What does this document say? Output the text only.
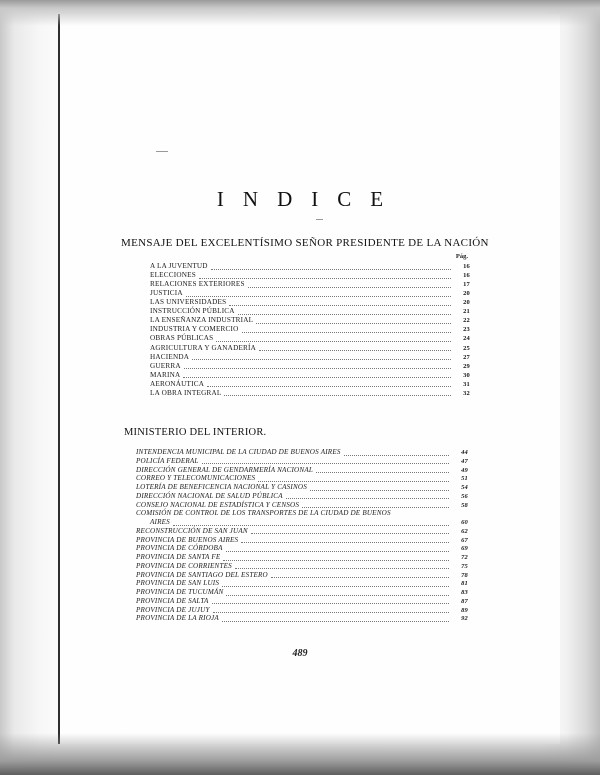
INDICE
MENSAJE DEL EXCELENTÍSIMO SEÑOR PRESIDENTE DE LA NACIÓN
Pág.
A LA JUVENTUD	16
ELECCIONES	16
RELACIONES EXTERIORES	17
JUSTICIA	20
LAS UNIVERSIDADES	20
INSTRUCCIÓN PÚBLICA	21
LA ENSEÑANZA INDUSTRIAL	22
INDUSTRIA Y COMERCIO	23
OBRAS PÚBLICAS	24
AGRICULTURA Y GANADERÍA	25
HACIENDA	27
GUERRA	29
MARINA	30
AERONÁUTICA	31
LA OBRA INTEGRAL	32
MINISTERIO DEL INTERIOR.
INTENDENCIA MUNICIPAL DE LA CIUDAD DE BUENOS AIRES	44
POLICÍA FEDERAL	47
DIRECCIÓN GENERAL DE GENDARMERÍA NACIONAL	49
CORREO Y TELECOMUNICACIONES	51
LOTERÍA DE BENEFICENCIA NACIONAL Y CASINOS	54
DIRECCIÓN NACIONAL DE SALUD PÚBLICA	56
CONSEJO NACIONAL DE ESTADÍSTICA Y CENSOS	58
COMISIÓN DE CONTROL DE LOS TRANSPORTES DE LA CIUDAD DE BUENOS
AIRES	60
RECONSTRUCCIÓN DE SAN JUAN	62
PROVINCIA DE BUENOS AIRES	67
PROVINCIA DE CÓRDOBA	69
PROVINCIA DE SANTA FE	72
PROVINCIA DE CORRIENTES	75
PROVINCIA DE SANTIAGO DEL ESTERO	78
PROVINCIA DE SAN LUIS	81
PROVINCIA DE TUCUMÁN	83
PROVINCIA DE SALTA	87
PROVINCIA DE JUJUY	89
PROVINCIA DE LA RIOJA	92
489
